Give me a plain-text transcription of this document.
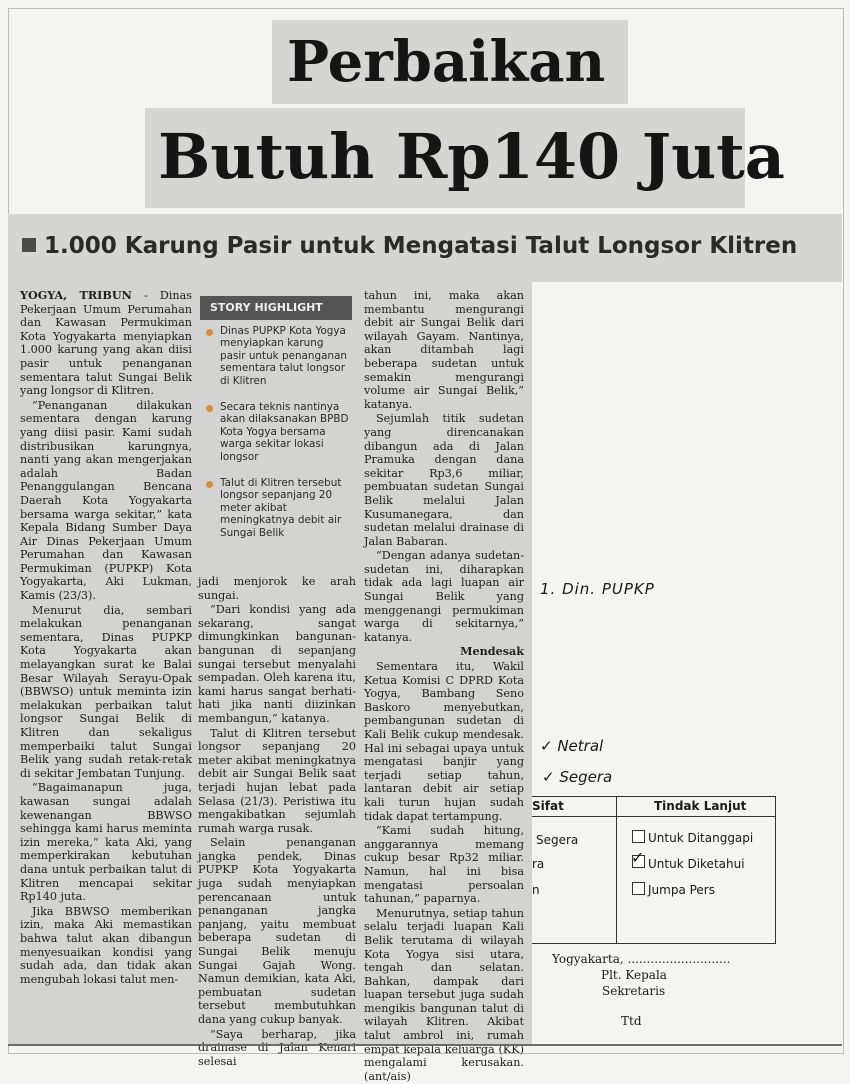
Perbaikan
Butuh Rp140 Juta
1.000 Karung Pasir untuk Mengatasi Talut Longsor Klitren

YOGYA, TRIBUN - Dinas Pekerjaan Umum Perumahan dan Kawasan Permukiman Kota Yogyakarta menyiapkan 1.000 karung yang akan diisi pasir untuk penanganan sementara talut Sungai Belik yang longsor di Klitren.

“Penanganan dilakukan sementara dengan karung yang diisi pasir. Kami sudah distribusikan karungnya, nanti yang akan mengerjakan adalah Badan Penanggulangan Bencana Daerah Kota Yogyakarta bersama warga sekitar,” kata Kepala Bidang Sumber Daya Air Dinas Pekerjaan Umum Perumahan dan Kawasan Permukiman (PUPKP) Kota Yogyakarta, Aki Lukman, Kamis (23/3).

Menurut dia, sembari melakukan penanganan sementara, Dinas PUPKP Kota Yogyakarta akan melayangkan surat ke Balai Besar Wilayah Serayu-Opak (BBWSO) untuk meminta izin melakukan perbaikan talut longsor Sungai Belik di Klitren dan sekaligus memperbaiki talut Sungai Belik yang sudah retak-retak di sekitar Jembatan Tunjung.

“Bagaimanapun juga, kawasan sungai adalah kewenangan BBWSO sehingga kami harus meminta izin mereka,” kata Aki, yang memperkirakan kebutuhan dana untuk perbaikan talut di Klitren mencapai sekitar Rp140 juta.

Jika BBWSO memberikan izin, maka Aki memastikan bahwa talut akan dibangun menyesuaikan kondisi yang sudah ada, dan tidak akan mengubah lokasi talut men-

STORY HIGHLIGHT
Dinas PUPKP Kota Yogya menyiapkan karung pasir untuk penanganan sementara talut longsor di Klitren
Secara teknis nantinya akan dilaksanakan BPBD Kota Yogya bersama warga sekitar lokasi longsor
Talut di Klitren tersebut longsor sepanjang 20 meter akibat meningkatnya debit air Sungai Belik

jadi menjorok ke arah sungai.

“Dari kondisi yang ada sekarang, sangat dimungkinkan bangunan-bangunan di sepanjang sungai tersebut menyalahi sempadan. Oleh karena itu, kami harus sangat berhati-hati jika nanti diizinkan membangun,” katanya.

Talut di Klitren tersebut longsor sepanjang 20 meter akibat meningkatnya debit air Sungai Belik saat terjadi hujan lebat pada Selasa (21/3). Peristiwa itu mengakibatkan sejumlah rumah warga rusak.

Selain penanganan jangka pendek, Dinas PUPKP Kota Yogyakarta juga sudah menyiapkan perencanaan untuk penanganan jangka panjang, yaitu membuat beberapa sudetan di Sungai Belik menuju Sungai Gajah Wong. Namun demikian, kata Aki, pembuatan sudetan tersebut membutuhkan dana yang cukup banyak.

“Saya berharap, jika drainase di Jalan Kenari selesai

tahun ini, maka akan membantu mengurangi debit air Sungai Belik dari wilayah Gayam. Nantinya, akan ditambah lagi beberapa sudetan untuk semakin mengurangi volume air Sungai Belik,” katanya.

Sejumlah titik sudetan yang direncanakan dibangun ada di Jalan Pramuka dengan dana sekitar Rp3,6 miliar, pembuatan sudetan Sungai Belik melalui Jalan Kusumanegara, dan sudetan melalui drainase di Jalan Babaran.

“Dengan adanya sudetan-sudetan ini, diharapkan tidak ada lagi luapan air Sungai Belik yang menggenangi permukiman warga di sekitarnya,” katanya.

Mendesak

Sementara itu, Wakil Ketua Komisi C DPRD Kota Yogya, Bambang Seno Baskoro menyebutkan, pembangunan sudetan di Kali Belik cukup mendesak. Hal ini sebagai upaya untuk mengatasi banjir yang terjadi setiap tahun, lantaran debit air setiap kali turun hujan sudah tidak dapat tertampung.

“Kami sudah hitung, anggarannya memang cukup besar Rp32 miliar. Namun, hal ini bisa mengatasi persoalan tahunan,” paparnya.

Menurutnya, setiap tahun selalu terjadi luapan Kali Belik terutama di wilayah Kota Yogya sisi utara, tengah dan selatan. Bahkan, dampak dari luapan tersebut juga sudah mengikis bangunan talut di wilayah Klitren. Akibat talut ambrol ini, rumah empat kepala keluarga (KK) mengalami kerusakan. (ant/ais)

1. Din. PUPKP
✓ Netral
✓ Segera
Sifat	Tindak Lanjut
Segera
ra
n
Untuk Ditanggapi
✓ Untuk Diketahui
Jumpa Pers
Yogyakarta, ...........................
Plt. Kepala
Sekretaris
Ttd
